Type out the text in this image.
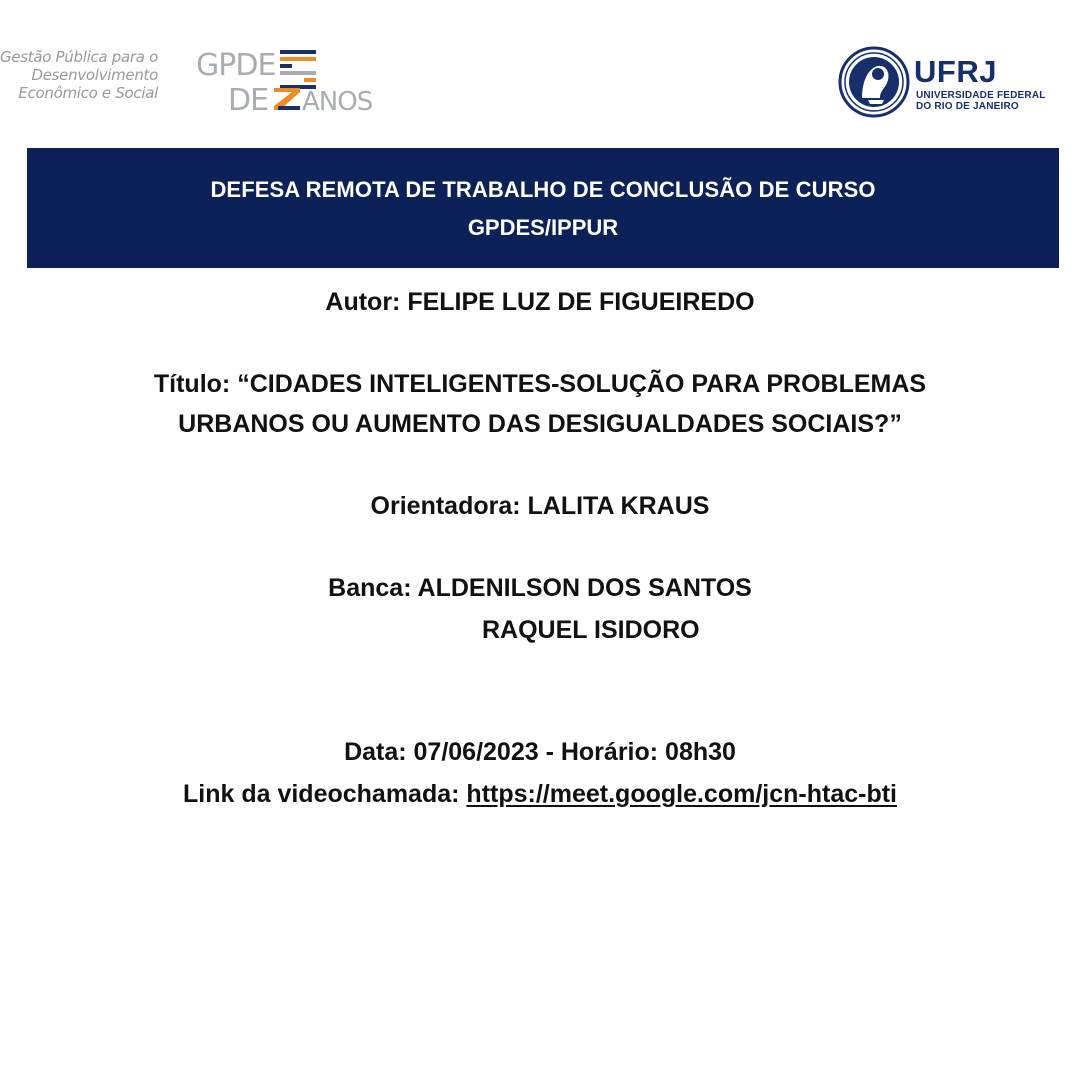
Gestão Pública para o
Desenvolvimento
Econômico e Social
GPDE
DE ANOS
UFRJ
UNIVERSIDADE FEDERAL
DO RIO DE JANEIRO
DEFESA REMOTA DE TRABALHO DE CONCLUSÃO DE CURSO
GPDES/IPPUR
Autor: FELIPE LUZ DE FIGUEIREDO
Título: “CIDADES INTELIGENTES-SOLUÇÃO PARA PROBLEMAS
URBANOS OU AUMENTO DAS DESIGUALDADES SOCIAIS?”
Orientadora: LALITA KRAUS
Banca: ALDENILSON DOS SANTOS
RAQUEL ISIDORO
Data: 07/06/2023 - Horário: 08h30
Link da videochamada: https://meet.google.com/jcn-htac-bti
